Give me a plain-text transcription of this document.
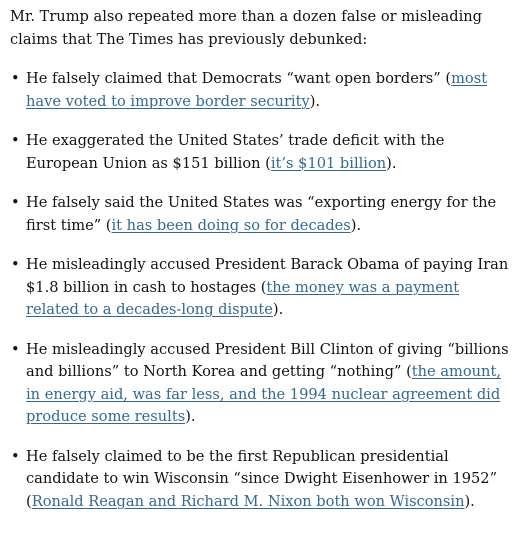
Mr. Trump also repeated more than a dozen false or misleading claims that The Times has previously debunked:

• He falsely claimed that Democrats “want open borders” (most have voted to improve border security).
• He exaggerated the United States’ trade deficit with the European Union as $151 billion (it’s $101 billion).
• He falsely said the United States was “exporting energy for the first time” (it has been doing so for decades).
• He misleadingly accused President Barack Obama of paying Iran $1.8 billion in cash to hostages (the money was a payment related to a decades-long dispute).
• He misleadingly accused President Bill Clinton of giving “billions and billions” to North Korea and getting “nothing” (the amount, in energy aid, was far less, and the 1994 nuclear agreement did produce some results).
• He falsely claimed to be the first Republican presidential candidate to win Wisconsin “since Dwight Eisenhower in 1952” (Ronald Reagan and Richard M. Nixon both won Wisconsin).
